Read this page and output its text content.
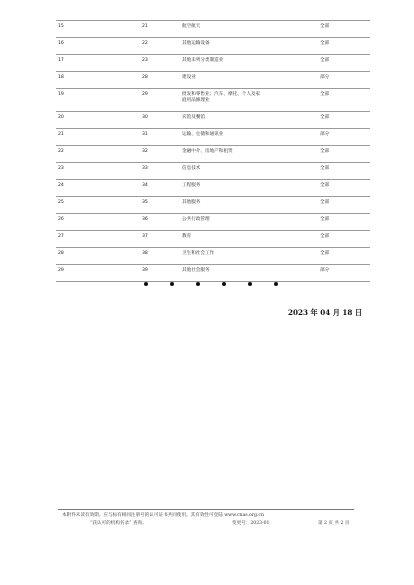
15	21	航空航天	全部
16	22	其他运输设备	全部
17	23	其他未列分类制造业	全部
18	28	建设业	部分
19	29	批发和零售业；汽车、摩托、个人及家
庭用品修理业	全部
20	30	宾馆及餐馆	全部
21	31	运输、仓储和通讯业	部分
22	32	金融中介、房地产和租赁	全部
23	33	信息技术	全部
24	34	工程服务	全部
25	35	其他服务	全部
26	36	公共行政管理	全部
27	37	教育	全部
28	38	卫生和社会工作	全部
29	39	其他社会服务	部分
2023 年 04 月 18 日
本附件未读有效期。应与标有相同注册号的认可证书共同使用。其有效性可登陆 www.cnas.org.cn
“获认可的机构名录” 查询。	变更号：2023-01	第 2 页 共 2 页
